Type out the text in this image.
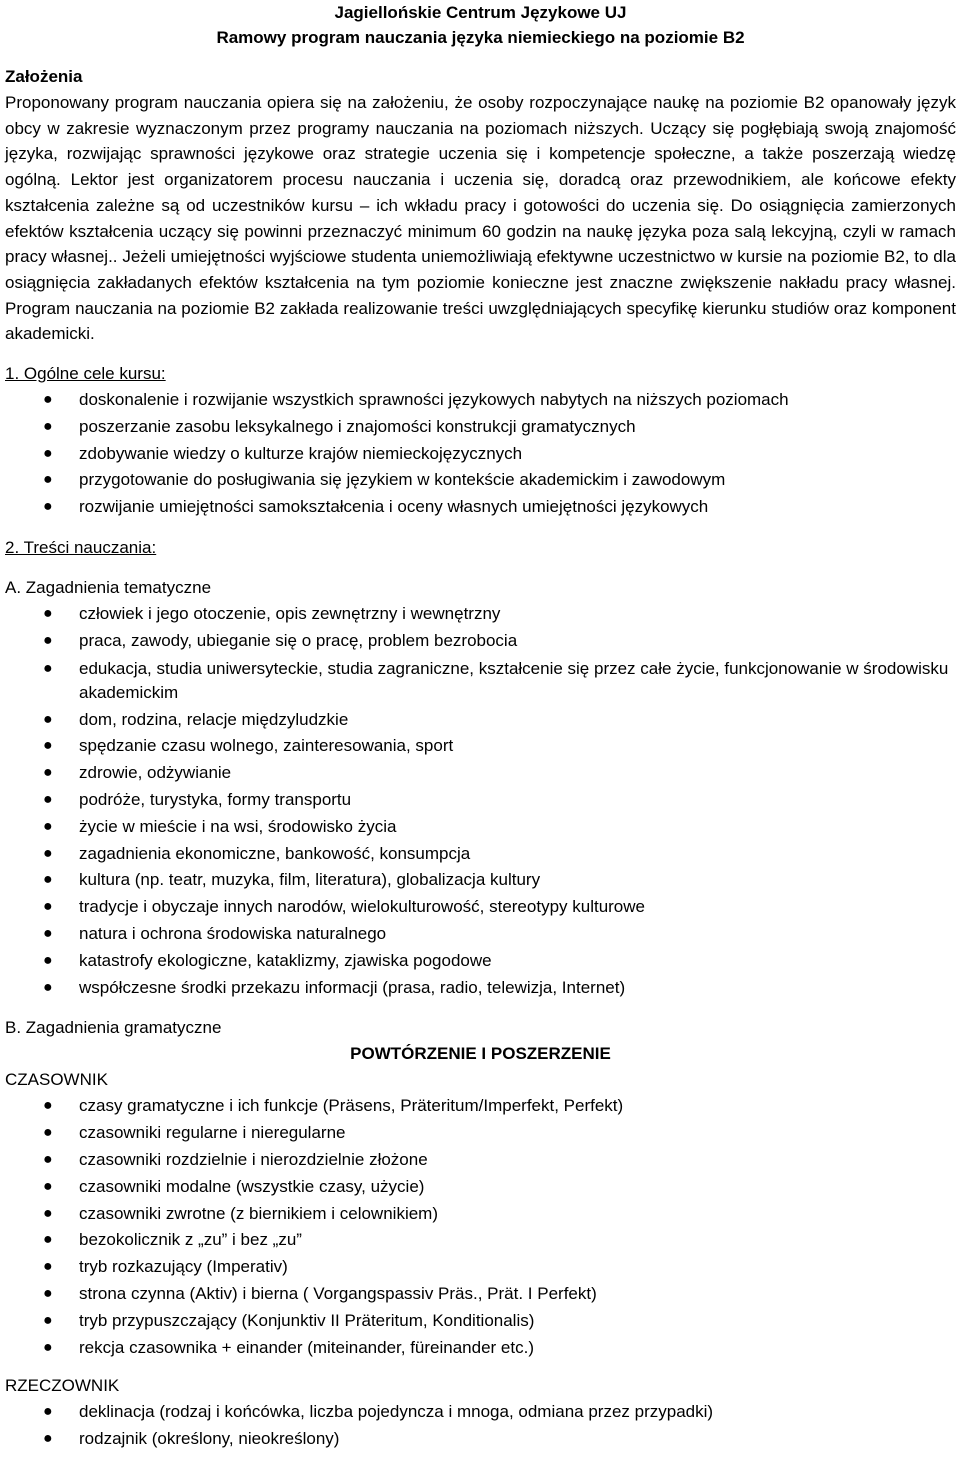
Jagiellońskie Centrum Językowe UJ
Ramowy program nauczania języka niemieckiego na poziomie B2
Założenia

Proponowany program nauczania opiera się na założeniu, że osoby rozpoczynające naukę na poziomie B2 opanowały język obcy w zakresie wyznaczonym przez programy nauczania na poziomach niższych. Uczący się pogłębiają swoją znajomość języka, rozwijając sprawności językowe oraz strategie uczenia się i kompetencje społeczne, a także poszerzają wiedzę ogólną. Lektor jest organizatorem procesu nauczania i uczenia się, doradcą oraz przewodnikiem, ale końcowe efekty kształcenia zależne są od uczestników kursu – ich wkładu pracy i gotowości do uczenia się. Do osiągnięcia zamierzonych efektów kształcenia uczący się powinni przeznaczyć minimum 60 godzin na naukę języka poza salą lekcyjną, czyli w ramach pracy własnej.. Jeżeli umiejętności wyjściowe studenta uniemożliwiają efektywne uczestnictwo w kursie na poziomie B2, to dla osiągnięcia zakładanych efektów kształcenia na tym poziomie konieczne jest znaczne zwiększenie nakładu pracy własnej. Program nauczania na poziomie B2 zakłada realizowanie treści uwzględniających specyfikę kierunku studiów oraz komponent akademicki.

1. Ogólne cele kursu:
● doskonalenie i rozwijanie wszystkich sprawności językowych nabytych na niższych poziomach
● poszerzanie zasobu leksykalnego i znajomości konstrukcji gramatycznych
● zdobywanie wiedzy o kulturze krajów niemieckojęzycznych
● przygotowanie do posługiwania się językiem w kontekście akademickim i zawodowym
● rozwijanie umiejętności samokształcenia i oceny własnych umiejętności językowych
2. Treści nauczania:
A. Zagadnienia tematyczne
● człowiek i jego otoczenie, opis zewnętrzny i wewnętrzny
● praca, zawody, ubieganie się o pracę, problem bezrobocia
● edukacja, studia uniwersyteckie, studia zagraniczne, kształcenie się przez całe życie, funkcjonowanie w środowisku akademickim
● dom, rodzina, relacje międzyludzkie
● spędzanie czasu wolnego, zainteresowania, sport
● zdrowie, odżywianie
● podróże, turystyka, formy transportu
● życie w mieście i na wsi, środowisko życia
● zagadnienia ekonomiczne, bankowość, konsumpcja
● kultura (np. teatr, muzyka, film, literatura), globalizacja kultury
● tradycje i obyczaje innych narodów, wielokulturowość, stereotypy kulturowe
● natura i ochrona środowiska naturalnego
● katastrofy ekologiczne, kataklizmy, zjawiska pogodowe
● współczesne środki przekazu informacji (prasa, radio, telewizja, Internet)
B. Zagadnienia gramatyczne
POWTÓRZENIE I POSZERZENIE
CZASOWNIK
● czasy gramatyczne i ich funkcje (Präsens, Präteritum/Imperfekt, Perfekt)
● czasowniki regularne i nieregularne
● czasowniki rozdzielnie i nierozdzielnie złożone
● czasowniki modalne (wszystkie czasy, użycie)
● czasowniki zwrotne (z biernikiem i celownikiem)
● bezokolicznik z „zu” i bez „zu”
● tryb rozkazujący (Imperativ)
● strona czynna (Aktiv) i bierna ( Vorgangspassiv Präs., Prät. I Perfekt)
● tryb przypuszczający (Konjunktiv II Präteritum, Konditionalis)
● rekcja czasownika + einander (miteinander, füreinander etc.)
RZECZOWNIK
● deklinacja (rodzaj i końcówka, liczba pojedyncza i mnoga, odmiana przez przypadki)
● rodzajnik (określony, nieokreślony)
